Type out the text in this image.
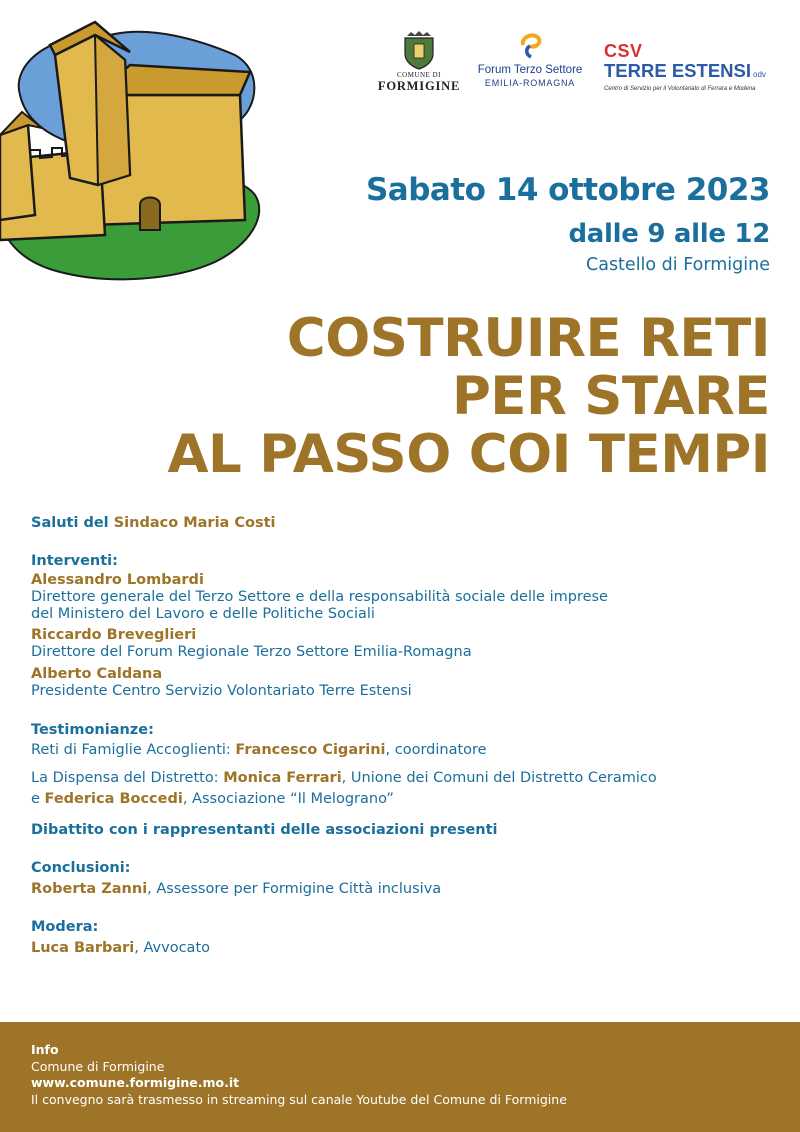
COMUNE DI
FORMIGINE
Forum Terzo Settore
EMILIA-ROMAGNA
CSV
TERRE ESTENSI odv
Centro di Servizio per il Volontariato di Ferrara e Modena
Sabato 14 ottobre 2023
dalle 9 alle 12
Castello di Formigine
COSTRUIRE RETI
PER STARE
AL PASSO COI TEMPI
Saluti del Sindaco Maria Costi
Interventi:
Alessandro Lombardi
Direttore generale del Terzo Settore e della responsabilità sociale delle imprese
del Ministero del Lavoro e delle Politiche Sociali
Riccardo Breveglieri
Direttore del Forum Regionale Terzo Settore Emilia-Romagna
Alberto Caldana
Presidente Centro Servizio Volontariato Terre Estensi
Testimonianze:
Reti di Famiglie Accoglienti: Francesco Cigarini, coordinatore
La Dispensa del Distretto: Monica Ferrari, Unione dei Comuni del Distretto Ceramico
e Federica Boccedi, Associazione “Il Melograno”
Dibattito con i rappresentanti delle associazioni presenti
Conclusioni:
Roberta Zanni, Assessore per Formigine Città inclusiva
Modera:
Luca Barbari, Avvocato
Info
Comune di Formigine
www.comune.formigine.mo.it
Il convegno sarà trasmesso in streaming sul canale Youtube del Comune di Formigine
